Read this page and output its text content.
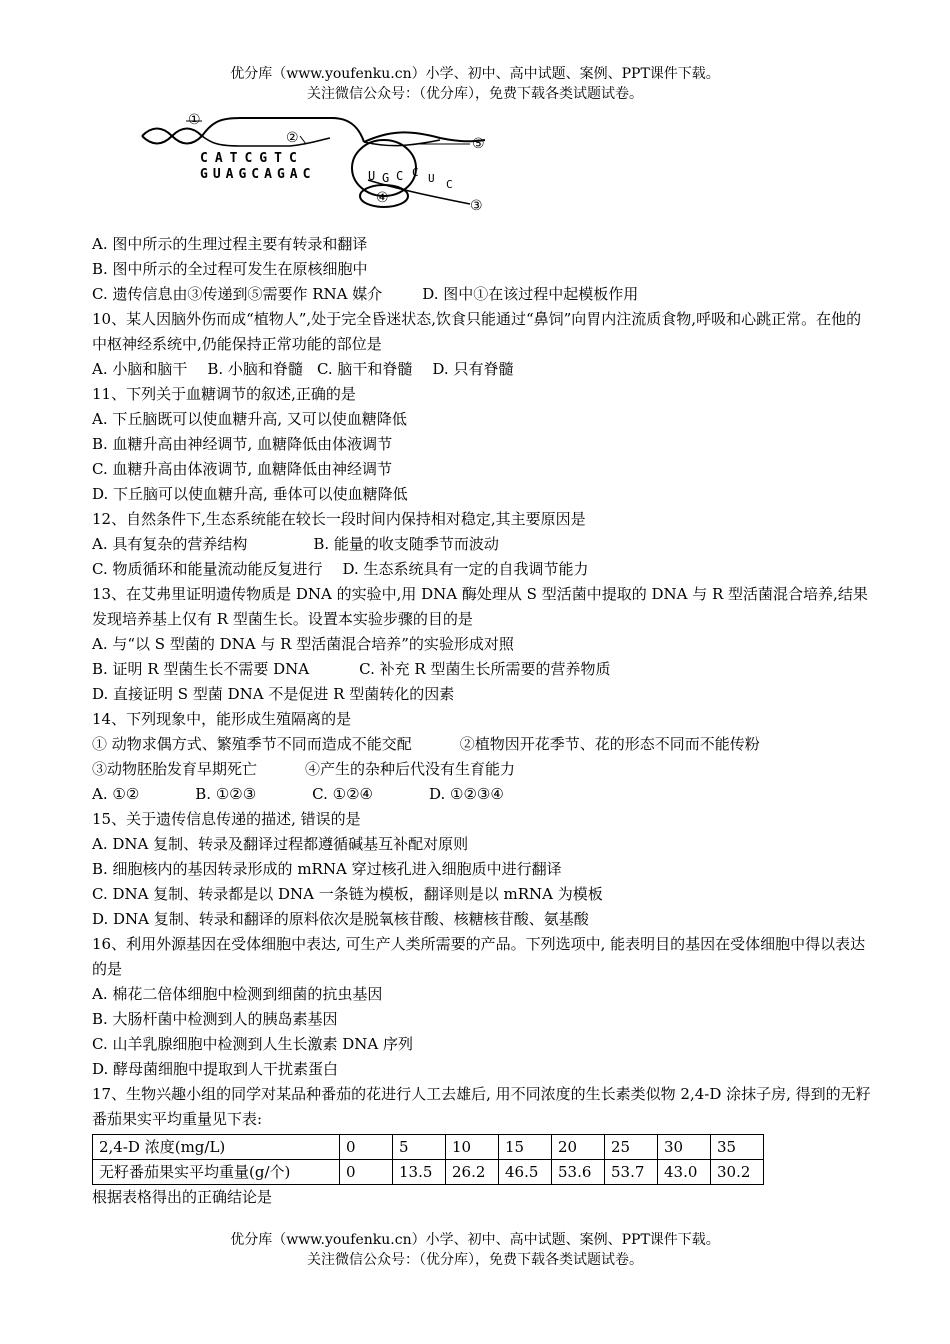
优分库（www.youfenku.cn）小学、初中、高中试题、案例、PPT课件下载。
关注微信公众号：（优分库），免费下载各类试题试卷。
①
②	⑤
④	③
CATCGTC
GUAGCAGAC	U G C C U C
A. 图中所示的生理过程主要有转录和翻译
B. 图中所示的全过程可发生在原核细胞中
C. 遗传信息由③传递到⑤需要作 RNA 媒介	D. 图中①在该过程中起模板作用
10、某人因脑外伤而成“植物人”,处于完全昏迷状态,饮食只能通过“鼻饲”向胃内注流质食物,呼吸和心跳正常。在他的中枢神经系统中,仍能保持正常功能的部位是
A. 小脑和脑干 B. 小脑和脊髓 C. 脑干和脊髓 D. 只有脊髓
11、下列关于血糖调节的叙述,正确的是
A. 下丘脑既可以使血糖升高, 又可以使血糖降低
B. 血糖升高由神经调节, 血糖降低由体液调节
C. 血糖升高由体液调节, 血糖降低由神经调节
D. 下丘脑可以使血糖升高, 垂体可以使血糖降低
12、自然条件下,生态系统能在较长一段时间内保持相对稳定,其主要原因是
A. 具有复杂的营养结构	B. 能量的收支随季节而波动
C. 物质循环和能量流动能反复进行 D. 生态系统具有一定的自我调节能力
13、在艾弗里证明遗传物质是 DNA 的实验中,用 DNA 酶处理从 S 型活菌中提取的 DNA 与 R 型活菌混合培养,结果发现培养基上仅有 R 型菌生长。设置本实验步骤的目的是
A. 与“以 S 型菌的 DNA 与 R 型活菌混合培养”的实验形成对照
B. 证明 R 型菌生长不需要 DNA	C. 补充 R 型菌生长所需要的营养物质
D. 直接证明 S 型菌 DNA 不是促进 R 型菌转化的因素
14、下列现象中，能形成生殖隔离的是
① 动物求偶方式、繁殖季节不同而造成不能交配	②植物因开花季节、花的形态不同而不能传粉
③动物胚胎发育早期死亡	④产生的杂种后代没有生育能力
A. ①②	B. ①②③	C. ①②④	D. ①②③④
15、关于遗传信息传递的描述, 错误的是
A. DNA 复制、转录及翻译过程都遵循碱基互补配对原则
B. 细胞核内的基因转录形成的 mRNA 穿过核孔进入细胞质中进行翻译
C. DNA 复制、转录都是以 DNA 一条链为模板，翻译则是以 mRNA 为模板
D. DNA 复制、转录和翻译的原料依次是脱氧核苷酸、核糖核苷酸、氨基酸
16、利用外源基因在受体细胞中表达, 可生产人类所需要的产品。下列选项中, 能表明目的基因在受体细胞中得以表达的是
A. 棉花二倍体细胞中检测到细菌的抗虫基因
B. 大肠杆菌中检测到人的胰岛素基因
C. 山羊乳腺细胞中检测到人生长激素 DNA 序列
D. 酵母菌细胞中提取到人干扰素蛋白
17、生物兴趣小组的同学对某品种番茄的花进行人工去雄后, 用不同浓度的生长素类似物 2,4-D 涂抹子房, 得到的无籽番茄果实平均重量见下表:
2,4-D 浓度(mg/L)	0	5	10	15	20	25	30	35
无籽番茄果实平均重量(g/个)	0	13.5	26.2	46.5	53.6	53.7	43.0	30.2
根据表格得出的正确结论是
优分库（www.youfenku.cn）小学、初中、高中试题、案例、PPT课件下载。
关注微信公众号：（优分库），免费下载各类试题试卷。
